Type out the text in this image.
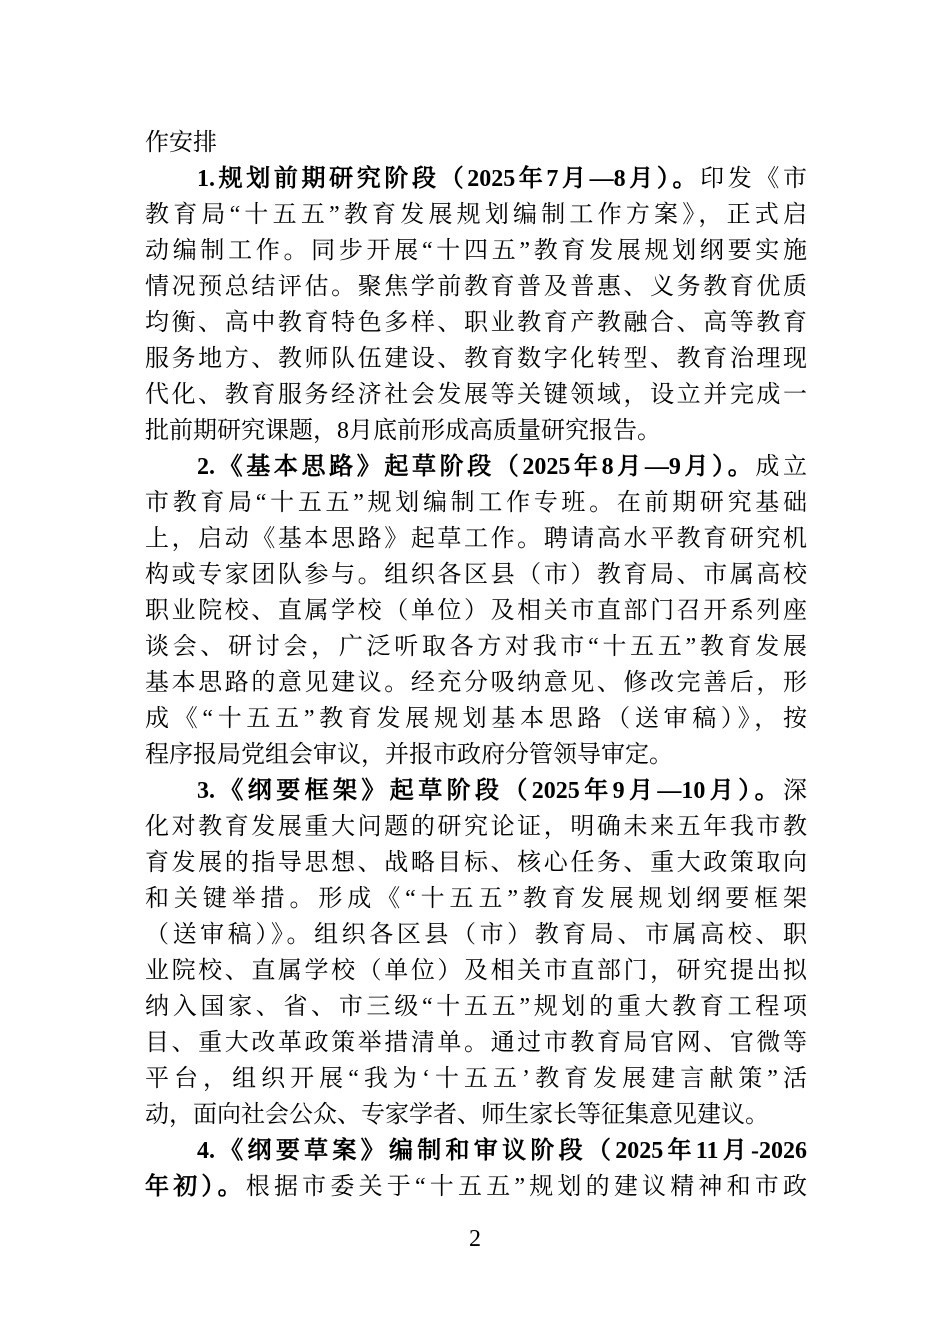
作安排
1.规划前期研究阶段（2025年7月—8月）。印发《市
教育局“十五五”教育发展规划编制工作方案》，正式启
动编制工作。同步开展“十四五”教育发展规划纲要实施
情况预总结评估。聚焦学前教育普及普惠、义务教育优质
均衡、高中教育特色多样、职业教育产教融合、高等教育
服务地方、教师队伍建设、教育数字化转型、教育治理现
代化、教育服务经济社会发展等关键领域，设立并完成一
批前期研究课题，8月底前形成高质量研究报告。
2.《基本思路》起草阶段（2025年8月—9月）。成立
市教育局“十五五”规划编制工作专班。在前期研究基础
上，启动《基本思路》起草工作。聘请高水平教育研究机
构或专家团队参与。组织各区县（市）教育局、市属高校
职业院校、直属学校（单位）及相关市直部门召开系列座
谈会、研讨会，广泛听取各方对我市“十五五”教育发展
基本思路的意见建议。经充分吸纳意见、修改完善后，形
成《“十五五”教育发展规划基本思路（送审稿）》，按
程序报局党组会审议，并报市政府分管领导审定。
3.《纲要框架》起草阶段（2025年9月—10月）。深
化对教育发展重大问题的研究论证，明确未来五年我市教
育发展的指导思想、战略目标、核心任务、重大政策取向
和关键举措。形成《“十五五”教育发展规划纲要框架
（送审稿）》。组织各区县（市）教育局、市属高校、职
业院校、直属学校（单位）及相关市直部门，研究提出拟
纳入国家、省、市三级“十五五”规划的重大教育工程项
目、重大改革政策举措清单。通过市教育局官网、官微等
平台，组织开展“我为‘十五五’教育发展建言献策”活
动，面向社会公众、专家学者、师生家长等征集意见建议。
4.《纲要草案》编制和审议阶段（2025年11月-2026
年初）。根据市委关于“十五五”规划的建议精神和市政
2
